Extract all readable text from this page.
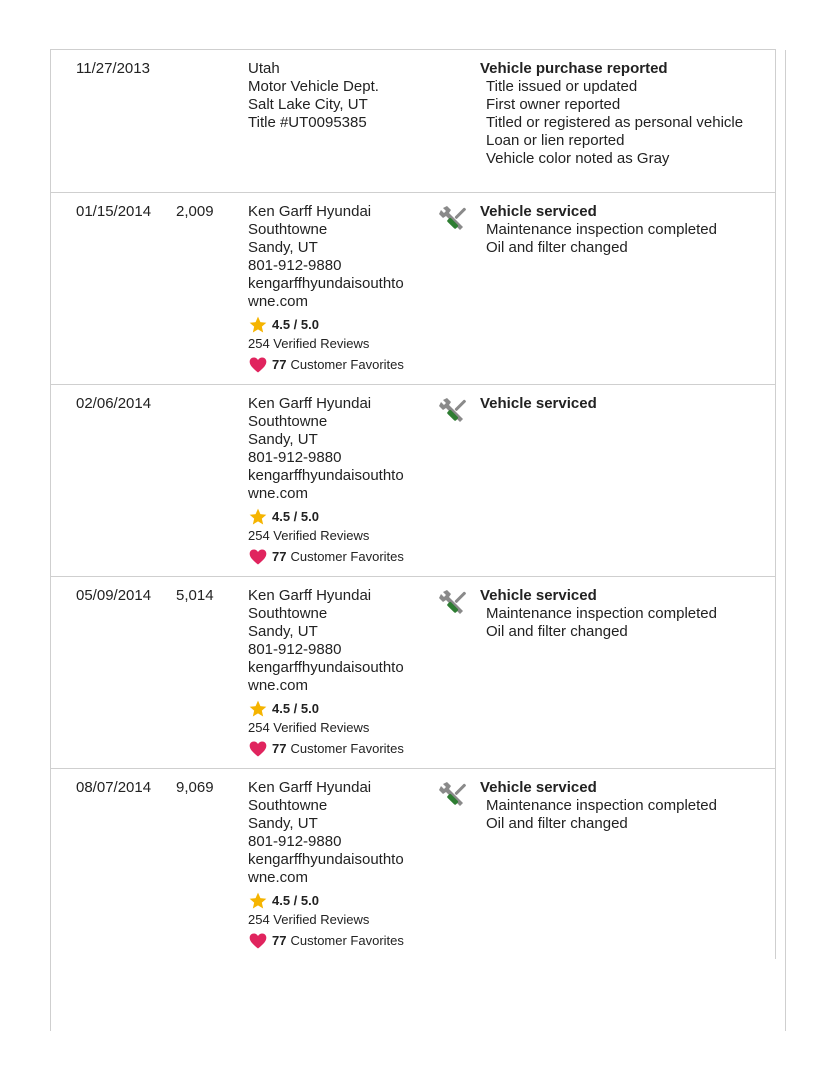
11/27/2013	Utah
Motor Vehicle Dept.
Salt Lake City, UT
Title #UT0095385
Vehicle purchase reported
Title issued or updated
First owner reported
Titled or registered as personal vehicle
Loan or lien reported
Vehicle color noted as Gray
01/15/2014 2,009 Ken Garff Hyundai
Southtowne
Sandy, UT
801-912-9880
kengarffhyundaisouthto
wne.com
4.5 / 5.0
254 Verified Reviews
77 Customer Favorites
Vehicle serviced
Maintenance inspection completed
Oil and filter changed
02/06/2014	Ken Garff Hyundai
Southtowne
Sandy, UT
801-912-9880
kengarffhyundaisouthto
wne.com
4.5 / 5.0
254 Verified Reviews
77 Customer Favorites
Vehicle serviced
05/09/2014 5,014 Ken Garff Hyundai
Southtowne
Sandy, UT
801-912-9880
kengarffhyundaisouthto
wne.com
4.5 / 5.0
254 Verified Reviews
77 Customer Favorites
Vehicle serviced
Maintenance inspection completed
Oil and filter changed
08/07/2014 9,069 Ken Garff Hyundai
Southtowne
Sandy, UT
801-912-9880
kengarffhyundaisouthto
wne.com
4.5 / 5.0
254 Verified Reviews
77 Customer Favorites
Vehicle serviced
Maintenance inspection completed
Oil and filter changed
